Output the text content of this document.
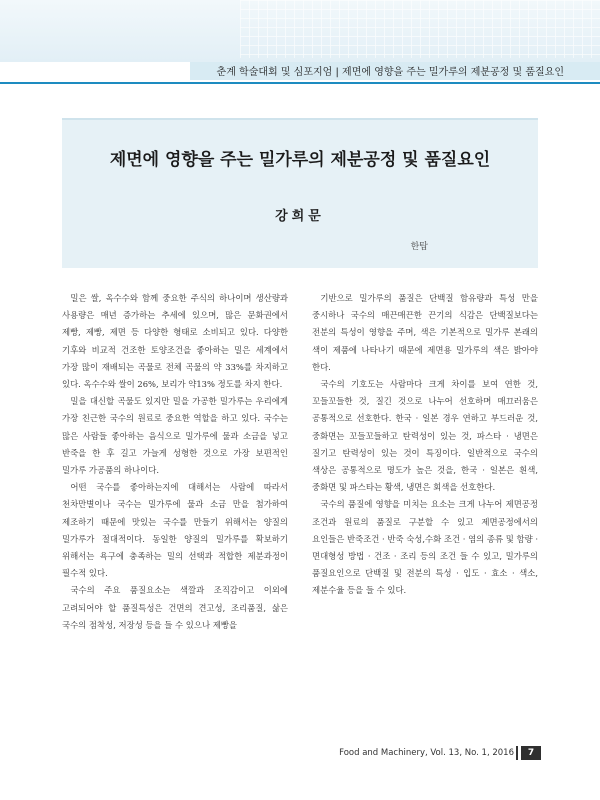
춘계 학술대회 및 심포지엄 | 제면에 영향을 주는 밀가루의 제분공정 및 품질요인
제면에 영향을 주는 밀가루의 제분공정 및 품질요인
강희문
한탑

밀은 쌀, 옥수수와 함께 중요한 주식의 하나이며 생산량과 사용량은 매년 증가하는 추세에 있으며, 많은 문화권에서 제빵, 제빵, 제면 등 다양한 형태로 소비되고 있다. 다양한 기후와 비교적 건조한 토양조건을 좋아하는 밀은 세계에서 가장 많이 재배되는 곡물로 전체 곡물의 약 33%를 차지하고 있다. 옥수수와 쌀이 26%, 보리가 약13% 정도를 차지 한다.

밀을 대신할 곡물도 있지만 밀을 가공한 밀가루는 우리에게 가장 친근한 국수의 원료로 중요한 역할을 하고 있다. 국수는 많은 사람들 좋아하는 음식으로 밀가루에 물과 소금을 넣고 반죽을 한 후 길고 가늘게 성형한 것으로 가장 보편적인 밀가루 가공품의 하나이다.

어떤 국수를 좋아하는지에 대해서는 사람에 따라서 천차만별이나 국수는 밀가루에 물과 소금 만을 첨가하여 제조하기 때문에 맛있는 국수를 만들기 위해서는 양질의 밀가루가 절대적이다. 동일한 양질의 밀가루를 확보하기 위해서는 욕구에 충족하는 밀의 선택과 적합한 제분과정이 필수적 있다.

국수의 주요 품질요소는 색깔과 조직감이고 이외에 고려되어야 할 품질특성은 건면의 견고성, 조리품질, 삶은 국수의 점착성, 저장성 등을 들 수 있으나 제빵을

기반으로 밀가루의 품질은 단백질 함유량과 특성 만을 중시하나 국수의 매끈매끈한 끈기의 식감은 단백질보다는 전분의 특성이 영향을 주며, 색은 기본적으로 밀가루 본래의 색이 제품에 나타나기 때문에 제면용 밀가루의 색은 밝아야 한다.

국수의 기호도는 사람마다 크게 차이를 보여 연한 것, 꼬들꼬들한 것, 질긴 것으로 나누어 선호하며 매끄러움은 공통적으로 선호한다. 한국 · 일본 경우 연하고 부드러운 것, 중화면는 꼬들꼬들하고 탄력성이 있는 것, 파스타 · 냉면은 질기고 탄력성이 있는 것이 특징이다. 일반적으로 국수의 색상은 공통적으로 명도가 높은 것을, 한국 · 일본은 흰색, 중화면 및 파스타는 황색, 냉면은 회색을 선호한다.

국수의 품질에 영향을 미치는 요소는 크게 나누어 제면공정 조건과 원료의 품질로 구분할 수 있고 제면공정에서의 요인들은 반죽조건 · 반죽 숙성,수화 조건 · 염의 종류 및 함량 · 면대형성 방법 · 건조 · 조리 등의 조건 들 수 있고, 밀가루의 품질요인으로 단백질 및 전분의 특성 · 입도 · 효소 · 색소, 제분수율 등을 들 수 있다.

Food and Machinery, Vol. 13, No. 1, 2016	7
